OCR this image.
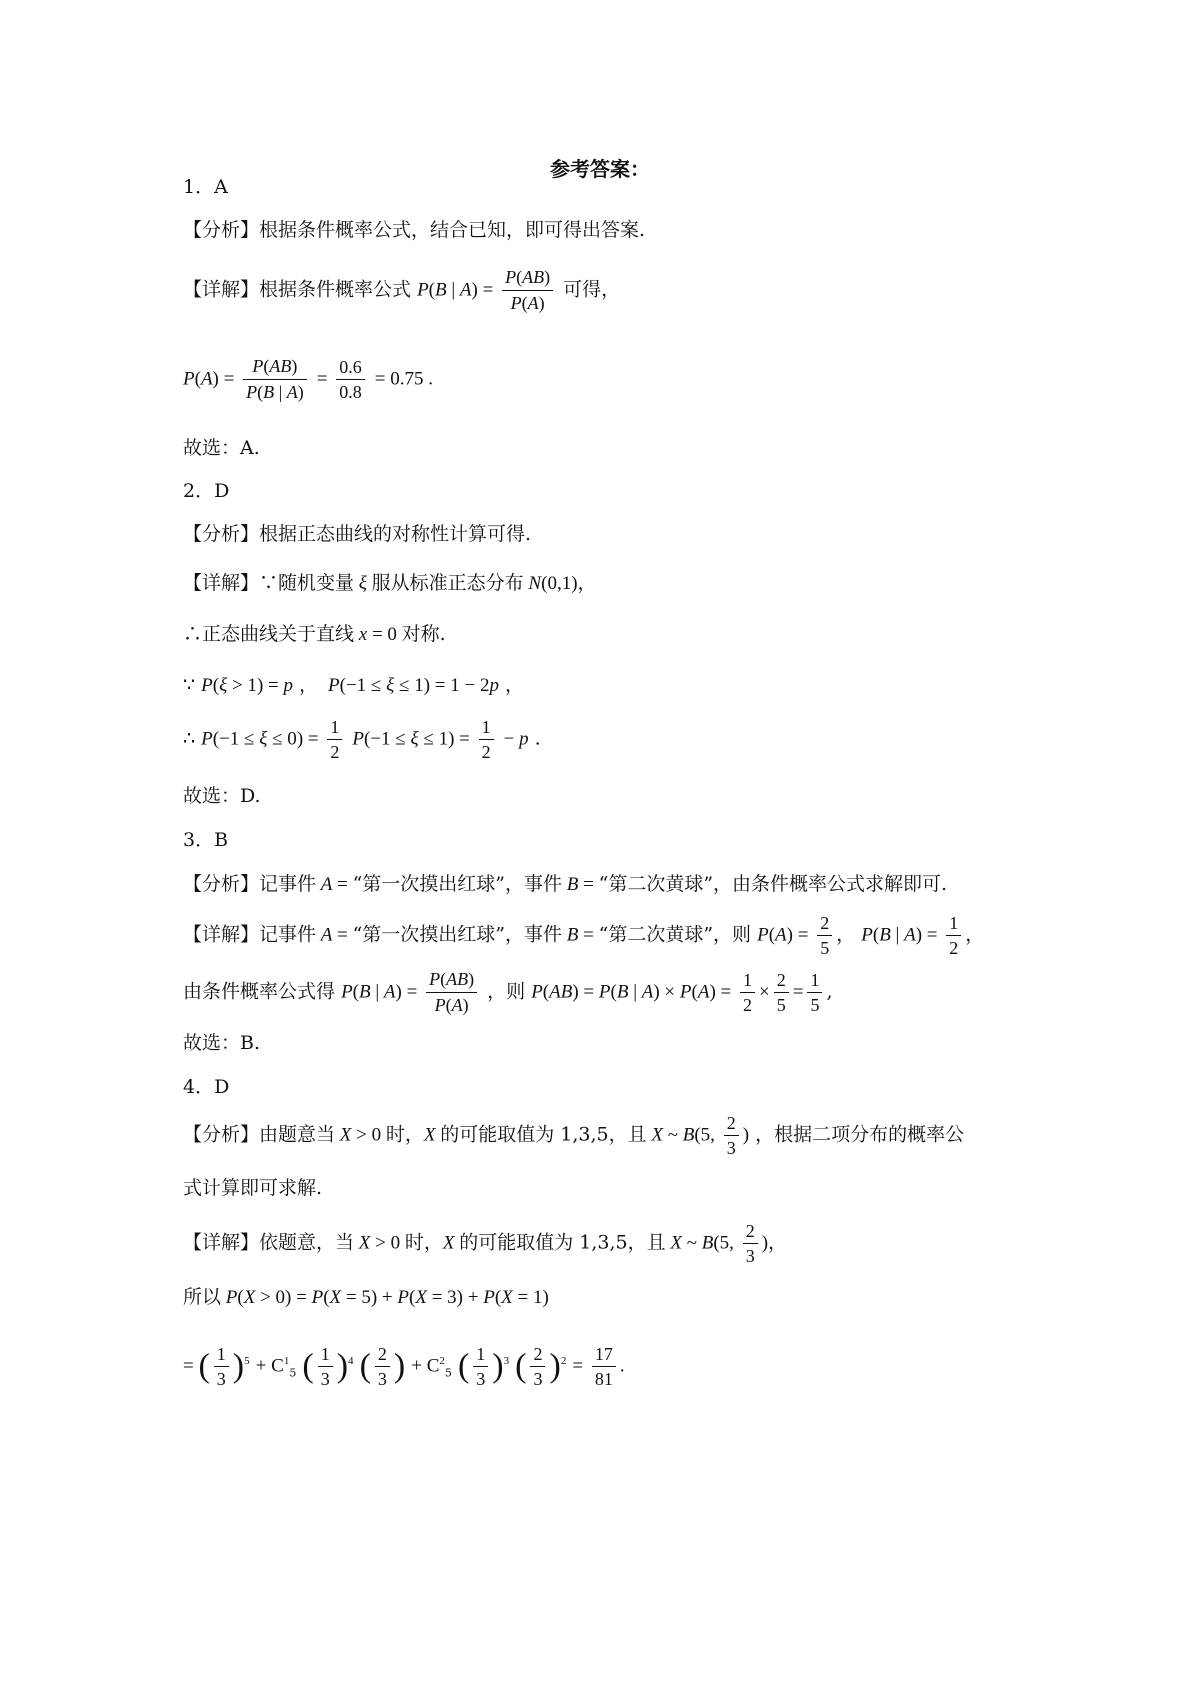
参考答案：
1．A
【分析】根据条件概率公式，结合已知，即可得出答案.
【详解】根据条件概率公式 P(B | $A) = \frac{P(AB)}{P(A)}$ 可得，
$P(A) = \frac{P(AB)}{P(B | A)} = \frac{0.6}{0.8} = 0.75$ .
故选：A.
2．D
【分析】根据正态曲线的对称性计算可得.
【详解】∵随机变量 ξ 服从标准正态分布 N(0,1)，
∴正态曲线关于直线 x = 0 对称.
∵ P(ξ > 1) = p ， P(−1 ≤ ξ ≤ 1) = 1 − 2p ，
∴ $P(-1 \le \xi \le 0) = \frac{1}{2} P(-1 \le \xi \le 1) = \frac{1}{2} - p$ .
故选：D.
3．B
【分析】记事件 A = “第一次摸出红球”，事件 B = “第二次黄球”，由条件概率公式求解即可.
【详解】记事件 A = “第一次摸出红球”，事件 B = “第二次黄球”，则 $P(A) = \frac{2}{5}$ ， P(B | $A) = \frac{1}{2}$ ，
由条件概率公式得 P(B | $A) = \frac{P(AB)}{P(A)}$ ，则 P(AB) = P(B | $A) \times P(A) = \frac{1}{2} \times \frac{2}{5} = \frac{1}{5}$ ,
故选：B.
4．D
【分析】由题意当 X > 0 时，X 的可能取值为 1,3,5，且 X ~ B(5, $\frac{2}{3}$ ) ，根据二项分布的概率公
式计算即可求解.
【详解】依题意，当 X > 0 时，X 的可能取值为 1,3,5，且 X ~ B(5, $\frac{2}{3}$ )，
所以 P(X > 0) = P(X = 5) + P(X = 3) + P(X = 1)
= ( $\frac{1}{3} )^5 + C^1_5$ ( $\frac{1}{3} )^4$ ( $\frac{2}{3}$ ) + $C^2_5$ ( $\frac{1}{3} )^3$ ( $\frac{2}{3} )^2 = \frac{17}{81}$ .
